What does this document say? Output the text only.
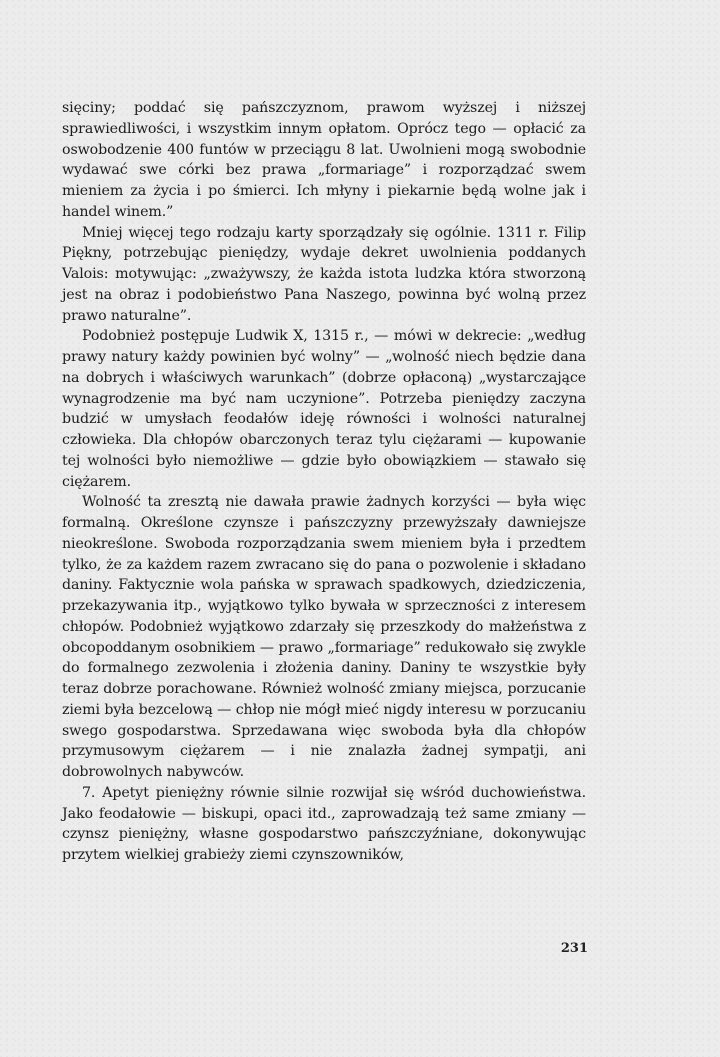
sięciny; poddać się pańszczyznom, prawom wyższej i niższej sprawiedliwości, i wszystkim innym opłatom. Oprócz tego — opłacić za oswobodzenie 400 funtów w przeciągu 8 lat. Uwolnieni mogą swobodnie wydawać swe córki bez prawa „formariage” i rozporządzać swem mieniem za życia i po śmierci. Ich młyny i piekarnie będą wolne jak i handel winem.”

Mniej więcej tego rodzaju karty sporządzały się ogólnie. 1311 r. Filip Piękny, potrzebując pieniędzy, wydaje dekret uwolnienia poddanych Valois: motywując: „zważywszy, że każda istota ludzka która stworzoną jest na obraz i podobieństwo Pana Naszego, powinna być wolną przez prawo naturalne”.

Podobnież postępuje Ludwik X, 1315 r., — mówi w dekrecie: „według prawy natury każdy powinien być wolny” — „wolność niech będzie dana na dobrych i właściwych warunkach” (dobrze opłaconą) „wystarczające wynagrodzenie ma być nam uczynione”. Potrzeba pieniędzy zaczyna budzić w umysłach feodałów ideję równości i wolności naturalnej człowieka. Dla chłopów obarczonych teraz tylu ciężarami — kupowanie tej wolności było niemożliwe — gdzie było obowiązkiem — stawało się ciężarem.

Wolność ta zresztą nie dawała prawie żadnych korzyści — była więc formalną. Określone czynsze i pańszczyzny przewyższały dawniejsze nieokreślone. Swoboda rozporządzania swem mieniem była i przedtem tylko, że za każdem razem zwracano się do pana o pozwolenie i składano daniny. Faktycznie wola pańska w sprawach spadkowych, dziedziczenia, przekazywania itp., wyjątkowo tylko bywała w sprzeczności z interesem chłopów. Podobnież wyjątkowo zdarzały się przeszkody do małżeństwa z obcopoddanym osobnikiem — prawo „formariage” redukowało się zwykle do formalnego zezwolenia i złożenia daniny. Daniny te wszystkie były teraz dobrze porachowane. Również wolność zmiany miejsca, porzucanie ziemi była bezcelową — chłop nie mógł mieć nigdy interesu w porzucaniu swego gospodarstwa. Sprzedawana więc swoboda była dla chłopów przymusowym ciężarem — i nie znalazła żadnej sympatji, ani dobrowolnych nabywców.

7. Apetyt pieniężny równie silnie rozwijał się wśród duchowieństwa. Jako feodałowie — biskupi, opaci itd., zaprowadzają też same zmiany — czynsz pieniężny, własne gospodarstwo pańszczyźniane, dokonywując przytem wielkiej grabieży ziemi czynszowników,

231
